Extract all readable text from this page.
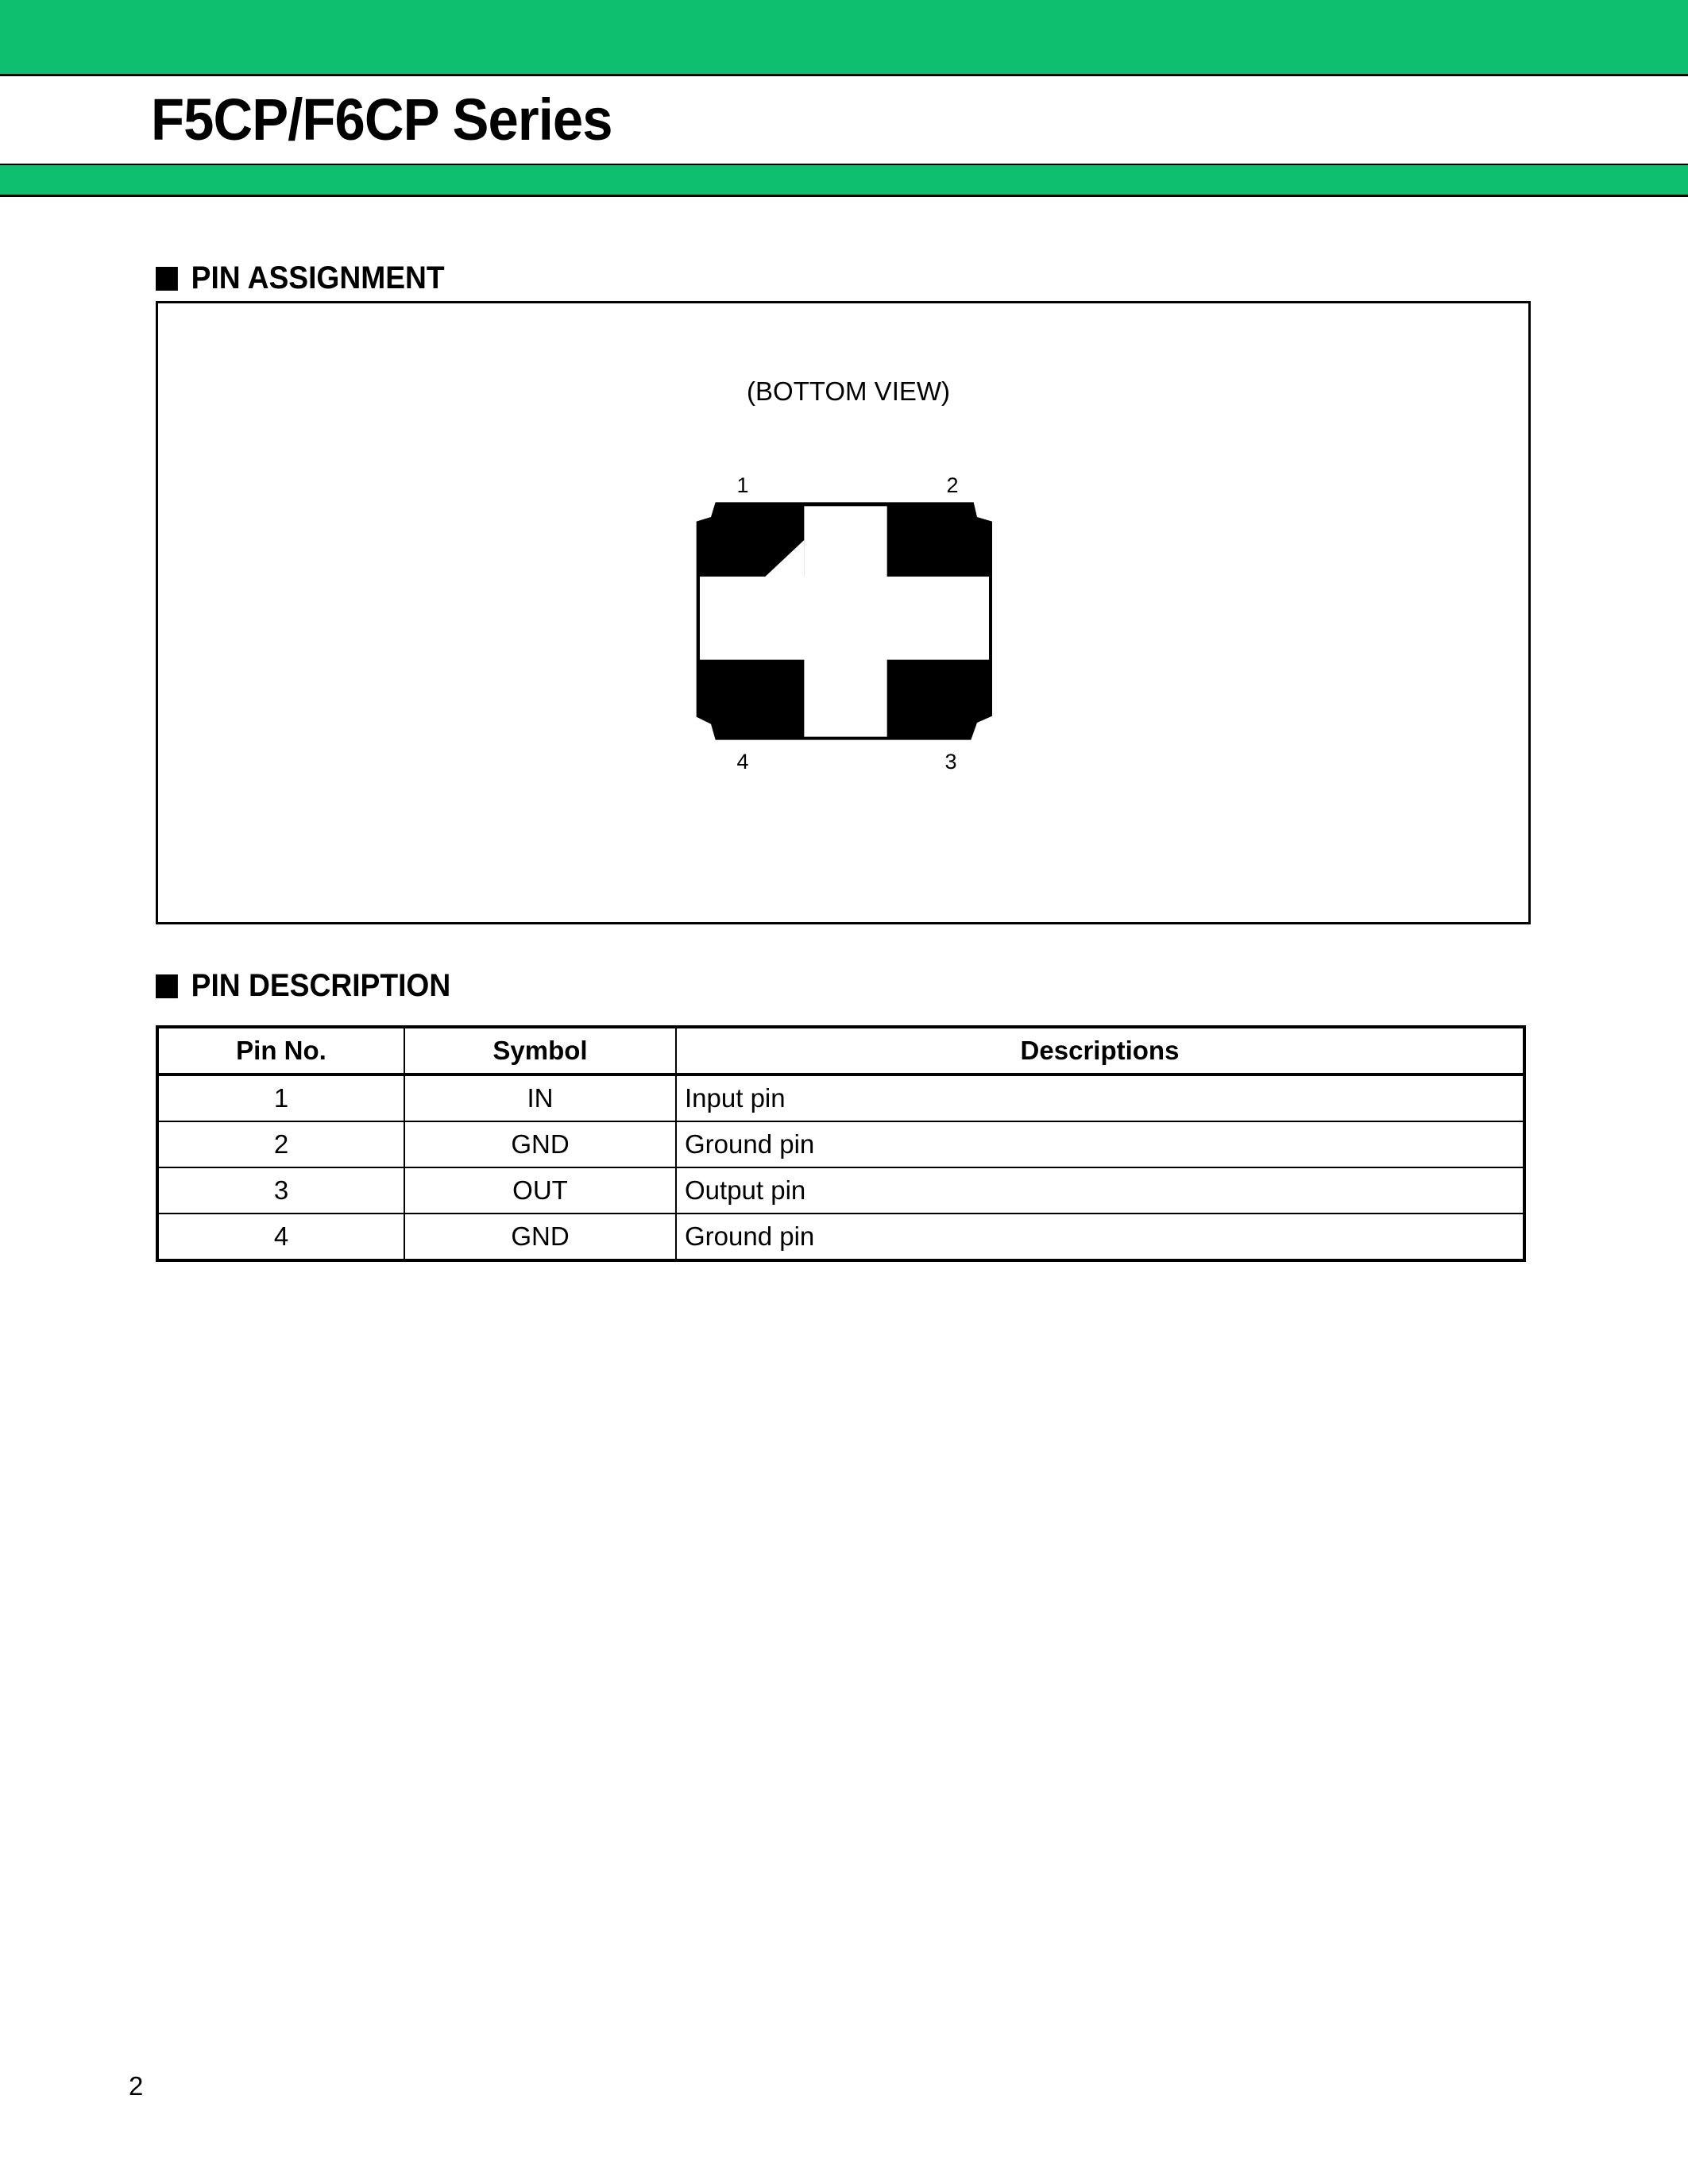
F5CP/F6CP Series
PIN ASSIGNMENT
(BOTTOM VIEW)
1	2
3
4
PIN DESCRIPTION
Pin No.	Symbol	Descriptions
1	IN	Input pin
2	GND	Ground pin
3	OUT	Output pin
4	GND	Ground pin
2
